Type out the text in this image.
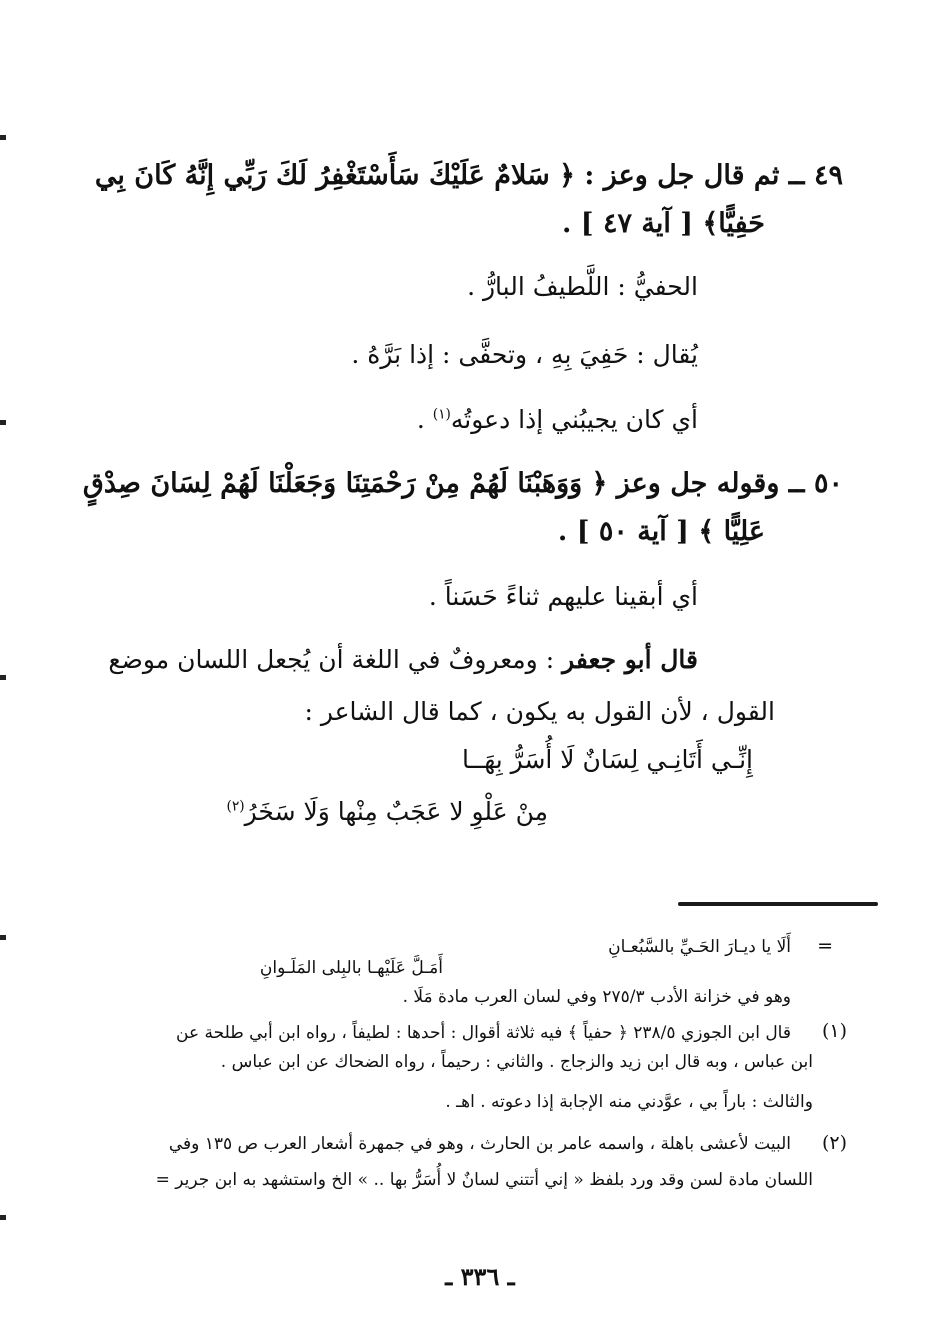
٤٩ ــ ثم قال جل وعز : ﴿ سَلامٌ عَلَيْكَ سَأَسْتَغْفِرُ لَكَ رَبِّي إِنَّهُ كَانَ بِي
حَفِيًّا﴾ [ آية ٤٧ ] .
الحفيُّ : اللَّطيفُ البارُّ .
يُقال : حَفِيَ بِهِ ، وتحفَّى : إذا بَرَّهُ .
أي كان يجيبُني إذا دعوتُه$^{(١)}$ .
٥٠ ــ وقوله جل وعز ﴿ وَوَهَبْنَا لَهُمْ مِنْ رَحْمَتِنَا وَجَعَلْنَا لَهُمْ لِسَانَ صِدْقٍ
عَلِيًّا ﴾ [ آية ٥٠ ] .
أي أبقينا عليهم ثناءً حَسَناً .
قال أبو جعفر : ومعروفٌ في اللغة أن يُجعل اللسان موضع
القول ، لأن القول به يكون ، كما قال الشاعر :
إِنِّـي أَتَانِـي لِسَانٌ لَا أُسَرُّ بِهَــا
مِنْ عَلْوِ لا عَجَبٌ مِنْها وَلَا سَخَرُ$^{(٢)}$
=
أَلَا يا ديـارَ الحَـيِّ بالسَّبُعـانِ
أَمَـلَّ عَلَيْهـا بالبِلى المَلَـوانِ
وهو في خزانة الأدب ٢٧٥/٣ وفي لسان العرب مادة مَلَا .
(١)
قال ابن الجوزي ٢٣٨/٥ ﴿ حفياً ﴾ فيه ثلاثة أقوال : أحدها : لطيفاً ، رواه ابن أبي طلحة عن
ابن عباس ، وبه قال ابن زيد والزجاج . والثاني : رحيماً ، رواه الضحاك عن ابن عباس .
والثالث : باراً بي ، عوَّدني منه الإجابة إذا دعوته . اهـ .
(٢)
البيت لأعشى باهلة ، واسمه عامر بن الحارث ، وهو في جمهرة أشعار العرب ص ١٣٥ وفي
اللسان مادة لسن وقد ورد بلفظ « إني أتتني لسانٌ لا أُسَرُّ بها .. » الخ واستشهد به ابن جرير =
ـ ٣٣٦ ـ
